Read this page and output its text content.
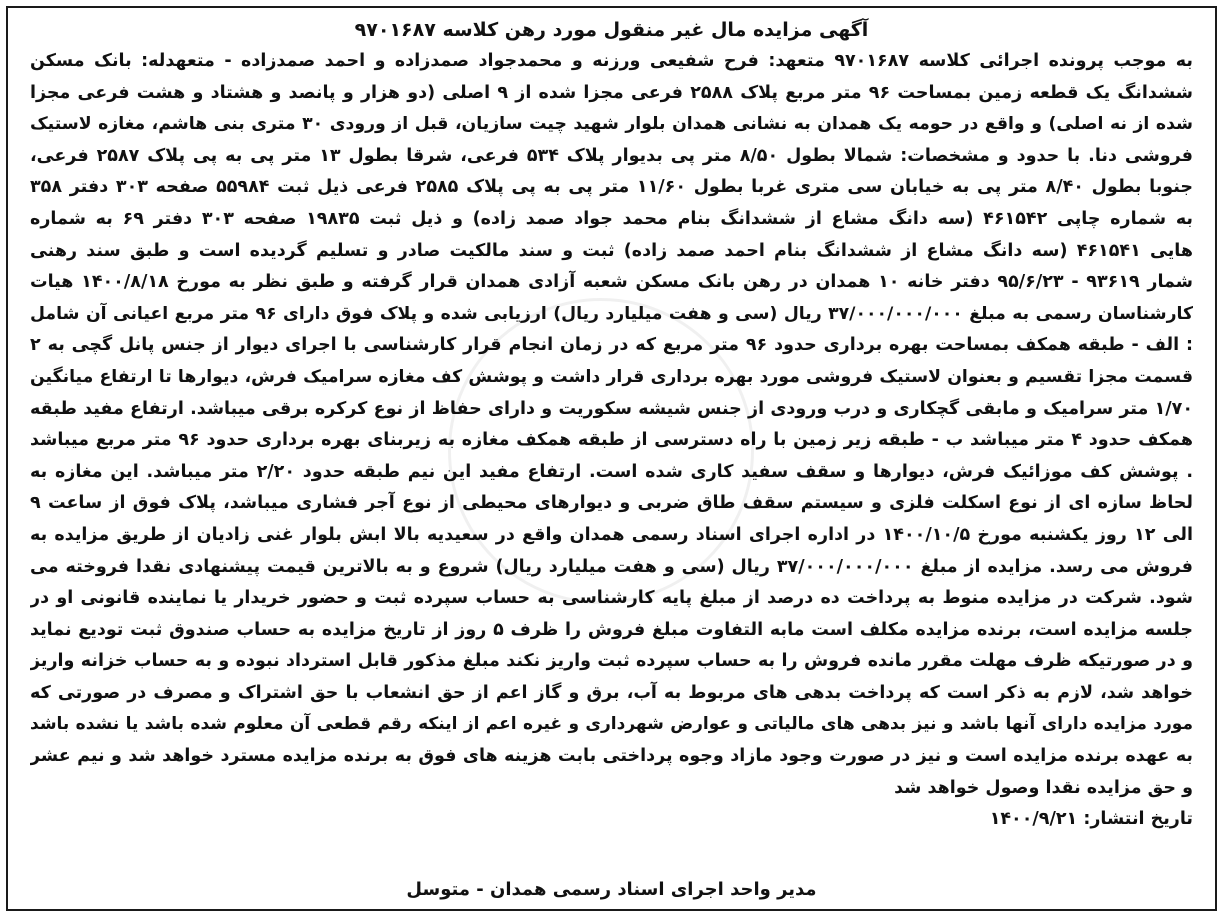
آگهی مزایده مال غیر منقول مورد رهن کلاسه ۹۷۰۱۶۸۷
به موجب پرونده اجرائی کلاسه ۹۷۰۱۶۸۷ متعهد: فرح شفیعی ورزنه و محمدجواد صمدزاده و احمد صمدزاده - متعهدله: بانک مسکن
ششدانگ یک قطعه زمین بمساحت ۹۶ متر مربع پلاک ۲۵۸۸ فرعی مجزا شده از ۹ اصلی (دو هزار و پانصد و هشتاد و هشت فرعی مجزا
شده از نه اصلی) و واقع در حومه یک همدان به نشانی همدان بلوار شهید چیت سازیان، قبل از ورودی ۳۰ متری بنی هاشم، مغازه لاستیک
فروشی دنا. با حدود و مشخصات: شمالا بطول ۸/۵۰ متر پی بدیوار پلاک ۵۳۴ فرعی، شرقا بطول ۱۳ متر پی به پی پلاک ۲۵۸۷ فرعی،
جنوبا بطول ۸/۴۰ متر پی به خیابان سی متری غربا بطول ۱۱/۶۰ متر پی به پی پلاک ۲۵۸۵ فرعی ذیل ثبت ۵۵۹۸۴ صفحه ۳۰۳ دفتر ۳۵۸
به شماره چاپی ۴۶۱۵۴۲ (سه دانگ مشاع از ششدانگ بنام محمد جواد صمد زاده) و ذیل ثبت ۱۹۸۳۵ صفحه ۳۰۳ دفتر ۶۹ به شماره
هایی ۴۶۱۵۴۱ (سه دانگ مشاع از ششدانگ بنام احمد صمد زاده) ثبت و سند مالکیت صادر و تسلیم گردیده است و طبق سند رهنی
شمار ۹۳۶۱۹ - ۹۵/۶/۲۳ دفتر خانه ۱۰ همدان در رهن بانک مسکن شعبه آزادی همدان قرار گرفته و طبق نظر به مورخ ۱۴۰۰/۸/۱۸ هیات
کارشناسان رسمی به مبلغ ۳۷/۰۰۰/۰۰۰/۰۰۰ ریال (سی و هفت میلیارد ریال) ارزیابی شده و پلاک فوق دارای ۹۶ متر مربع اعیانی آن شامل
: الف - طبقه همکف بمساحت بهره برداری حدود ۹۶ متر مربع که در زمان انجام قرار کارشناسی با اجرای دیوار از جنس پانل گچی به ۲
قسمت مجزا تقسیم و بعنوان لاستیک فروشی مورد بهره برداری قرار داشت و پوشش کف مغازه سرامیک فرش، دیوارها تا ارتفاع میانگین
۱/۷۰ متر سرامیک و مابقی گچکاری و درب ورودی از جنس شیشه سکوریت و دارای حفاظ از نوع کرکره برقی میباشد. ارتفاع مفید طبقه
همکف حدود ۴ متر میباشد ب - طبقه زیر زمین با راه دسترسی از طبقه همکف مغازه به زیربنای بهره برداری حدود ۹۶ متر مربع میباشد
. پوشش کف موزائیک فرش، دیوارها و سقف سفید کاری شده است. ارتفاع مفید این نیم طبقه حدود ۲/۲۰ متر میباشد. این مغازه به
لحاظ سازه ای از نوع اسکلت فلزی و سیستم سقف طاق ضربی و دیوارهای محیطی از نوع آجر فشاری میباشد، پلاک فوق از ساعت ۹
الی ۱۲ روز یکشنبه مورخ ۱۴۰۰/۱۰/۵ در اداره اجرای اسناد رسمی همدان واقع در سعیدیه بالا ابش بلوار غنی زادیان از طریق مزایده به
فروش می رسد. مزایده از مبلغ ۳۷/۰۰۰/۰۰۰/۰۰۰ ریال (سی و هفت میلیارد ریال) شروع و به بالاترین قیمت پیشنهادی نقدا فروخته می
شود. شرکت در مزایده منوط به پرداخت ده درصد از مبلغ پایه کارشناسی به حساب سپرده ثبت و حضور خریدار یا نماینده قانونی او در
جلسه مزایده است، برنده مزایده مکلف است مابه التفاوت مبلغ فروش را ظرف ۵ روز از تاریخ مزایده به حساب صندوق ثبت تودیع نماید
و در صورتیکه ظرف مهلت مقرر مانده فروش را به حساب سپرده ثبت واریز نکند مبلغ مذکور قابل استرداد نبوده و به حساب خزانه واریز
خواهد شد، لازم به ذکر است که پرداخت بدهی های مربوط به آب، برق و گاز اعم از حق انشعاب با حق اشتراک و مصرف در صورتی که
مورد مزایده دارای آنها باشد و نیز بدهی های مالیاتی و عوارض شهرداری و غیره اعم از اینکه رقم قطعی آن معلوم شده باشد یا نشده باشد
به عهده برنده مزایده است و نیز در صورت وجود مازاد وجوه پرداختی بابت هزینه های فوق به برنده مزایده مسترد خواهد شد و نیم عشر
و حق مزایده نقدا وصول خواهد شد
تاریخ انتشار: ۱۴۰۰/۹/۲۱
مدیر واحد اجرای اسناد رسمی همدان - متوسل
